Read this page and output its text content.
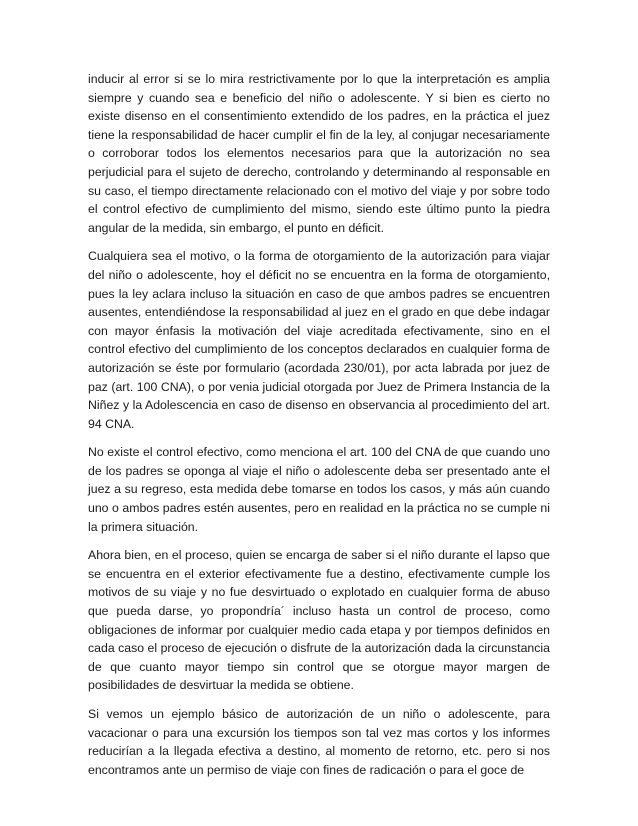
inducir al error si se lo mira restrictivamente por lo que la interpretación es amplia siempre y cuando sea e beneficio del niño o adolescente. Y si bien es cierto no existe disenso en el consentimiento extendido de los padres, en la práctica el juez tiene la responsabilidad de hacer cumplir el fin de la ley, al conjugar necesariamente o corroborar todos los elementos necesarios para que la autorización no sea perjudicial para el sujeto de derecho, controlando y determinando al responsable en su caso, el tiempo directamente relacionado con el motivo del viaje y por sobre todo el control efectivo de cumplimiento del mismo, siendo este último punto la piedra angular de la medida, sin embargo, el punto en déficit.

Cualquiera sea el motivo, o la forma de otorgamiento de la autorización para viajar del niño o adolescente, hoy el déficit no se encuentra en la forma de otorgamiento, pues la ley aclara incluso la situación en caso de que ambos padres se encuentren ausentes, entendiéndose la responsabilidad al juez en el grado en que debe indagar con mayor énfasis la motivación del viaje acreditada efectivamente, sino en el control efectivo del cumplimiento de los conceptos declarados en cualquier forma de autorización se éste por formulario (acordada 230/01), por acta labrada por juez de paz (art. 100 CNA), o por venia judicial otorgada por Juez de Primera Instancia de la Niñez y la Adolescencia en caso de disenso en observancia al procedimiento del art. 94 CNA.

No existe el control efectivo, como menciona el art. 100 del CNA de que cuando uno de los padres se oponga al viaje el niño o adolescente deba ser presentado ante el juez a su regreso, esta medida debe tomarse en todos los casos, y más aún cuando uno o ambos padres estén ausentes, pero en realidad en la práctica no se cumple ni la primera situación.

Ahora bien, en el proceso, quien se encarga de saber si el niño durante el lapso que se encuentra en el exterior efectivamente fue a destino, efectivamente cumple los motivos de su viaje y no fue desvirtuado o explotado en cualquier forma de abuso que pueda darse, yo propondría´ incluso hasta un control de proceso, como obligaciones de informar por cualquier medio cada etapa y por tiempos definidos en cada caso el proceso de ejecución o disfrute de la autorización dada la circunstancia de que cuanto mayor tiempo sin control que se otorgue mayor margen de posibilidades de desvirtuar la medida se obtiene.

Si vemos un ejemplo básico de autorización de un niño o adolescente, para vacacionar o para una excursión los tiempos son tal vez mas cortos y los informes reducirían a la llegada efectiva a destino, al momento de retorno, etc. pero si nos encontramos ante un permiso de viaje con fines de radicación o para el goce de
